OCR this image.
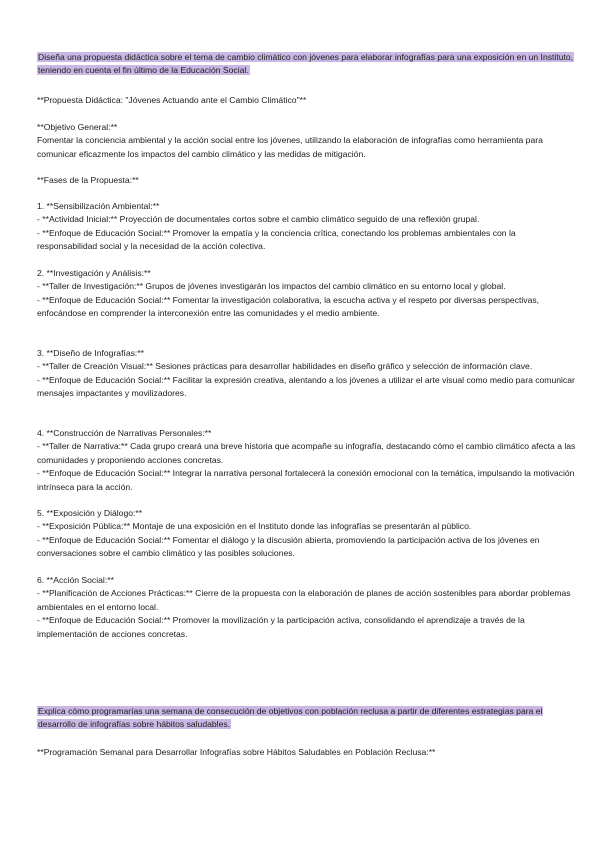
Diseña una propuesta didáctica sobre el tema de cambio climático con jóvenes para elaborar infografías para una exposición en un Instituto, teniendo en cuenta el fin último de la Educación Social.
**Propuesta Didáctica: "Jóvenes Actuando ante el Cambio Climático"**
**Objetivo General:**
Fomentar la conciencia ambiental y la acción social entre los jóvenes, utilizando la elaboración de infografías como herramienta para comunicar eficazmente los impactos del cambio climático y las medidas de mitigación.
**Fases de la Propuesta:**
1. **Sensibilización Ambiental:**
- **Actividad Inicial:** Proyección de documentales cortos sobre el cambio climático seguido de una reflexión grupal.
- **Enfoque de Educación Social:** Promover la empatía y la conciencia crítica, conectando los problemas ambientales con la responsabilidad social y la necesidad de la acción colectiva.
2. **Investigación y Análisis:**
- **Taller de Investigación:** Grupos de jóvenes investigarán los impactos del cambio climático en su entorno local y global.
- **Enfoque de Educación Social:** Fomentar la investigación colaborativa, la escucha activa y el respeto por diversas perspectivas, enfocándose en comprender la interconexión entre las comunidades y el medio ambiente.
3. **Diseño de Infografías:**
- **Taller de Creación Visual:** Sesiones prácticas para desarrollar habilidades en diseño gráfico y selección de información clave.
- **Enfoque de Educación Social:** Facilitar la expresión creativa, alentando a los jóvenes a utilizar el arte visual como medio para comunicar mensajes impactantes y movilizadores.
4. **Construcción de Narrativas Personales:**
- **Taller de Narrativa:** Cada grupo creará una breve historia que acompañe su infografía, destacando cómo el cambio climático afecta a las comunidades y proponiendo acciones concretas.
- **Enfoque de Educación Social:** Integrar la narrativa personal fortalecerá la conexión emocional con la temática, impulsando la motivación intrínseca para la acción.
5. **Exposición y Diálogo:**
- **Exposición Pública:** Montaje de una exposición en el Instituto donde las infografías se presentarán al público.
- **Enfoque de Educación Social:** Fomentar el diálogo y la discusión abierta, promoviendo la participación activa de los jóvenes en conversaciones sobre el cambio climático y las posibles soluciones.
6. **Acción Social:**
- **Planificación de Acciones Prácticas:** Cierre de la propuesta con la elaboración de planes de acción sostenibles para abordar problemas ambientales en el entorno local.
- **Enfoque de Educación Social:** Promover la movilización y la participación activa, consolidando el aprendizaje a través de la implementación de acciones concretas.
Explica cómo programarías una semana de consecución de objetivos con población reclusa a partir de diferentes estrategias para el desarrollo de infografías sobre hábitos saludables.
**Programación Semanal para Desarrollar Infografías sobre Hábitos Saludables en Población Reclusa:**
